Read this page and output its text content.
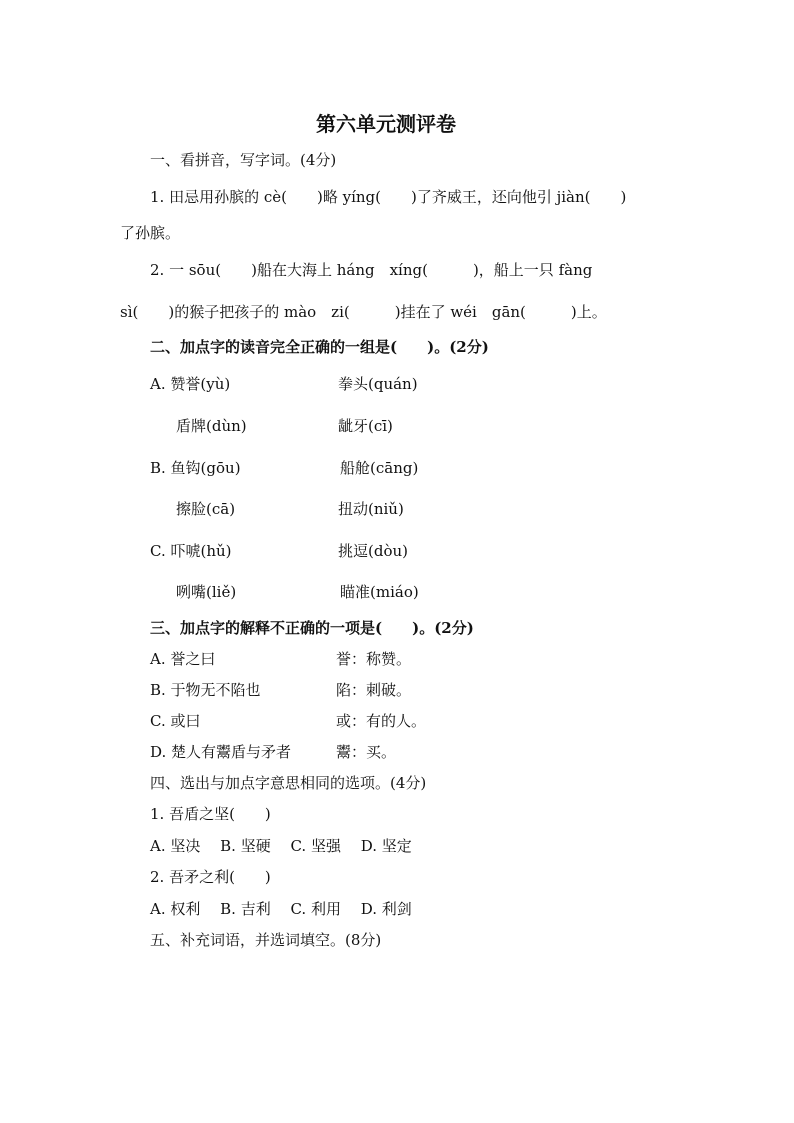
第六单元测评卷
一、看拼音，写字词。(4分)
1. 田忌用孙膑的 cè(　　)略 yíng(　　)了齐威王，还向他引 jiàn(　　)
了孙膑。
2. 一 sōu(　　)船在大海上 háng　xíng(　　　)，船上一只 fàng
sì(　　)的猴子把孩子的 mào　zi(　　　)挂在了 wéi　gān(　　　)上。
二、加点字的读音完全正确的一组是(　　)。(2分)
A. 赞誉(yù)	拳头(quán)
盾牌(dùn)	龇牙(cī)
B. 鱼钩(gōu)	船舱(cāng)
擦脸(cā)	扭动(niǔ)
C. 吓唬(hǔ)	挑逗(dòu)
咧嘴(liě)	瞄准(miáo)
三、加点字的解释不正确的一项是(　　)。(2分)
A. 誉之曰	誉：称赞。
B. 于物无不陷也	陷：刺破。
C. 或曰	或：有的人。
D. 楚人有鬻盾与矛者	鬻：买。
四、选出与加点字意思相同的选项。(4分)
1. 吾盾之坚(　　)
A. 坚决　 B. 坚硬　 C. 坚强　 D. 坚定
2. 吾矛之利(　　)
A. 权利　 B. 吉利　 C. 利用　 D. 利剑
五、补充词语，并选词填空。(8分)
